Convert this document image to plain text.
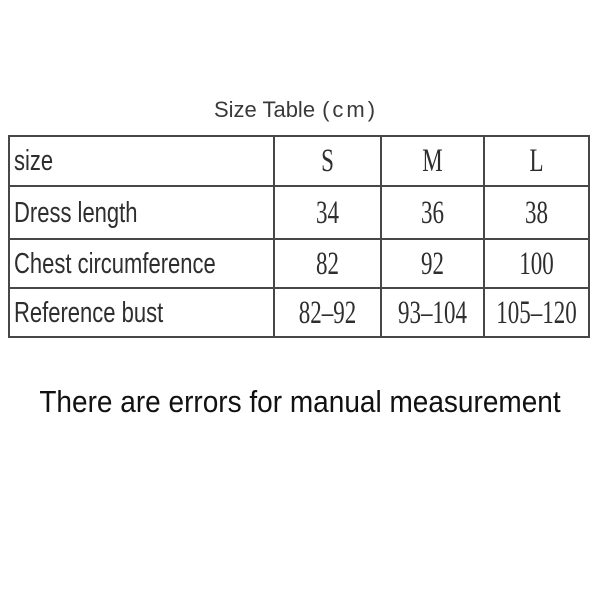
Size Table (cm)
size	S	M	L
Dress length	34	36	38
Chest circumference	82	92	100
Reference bust	82–92	93–104	105–120
There are errors for manual measurement
